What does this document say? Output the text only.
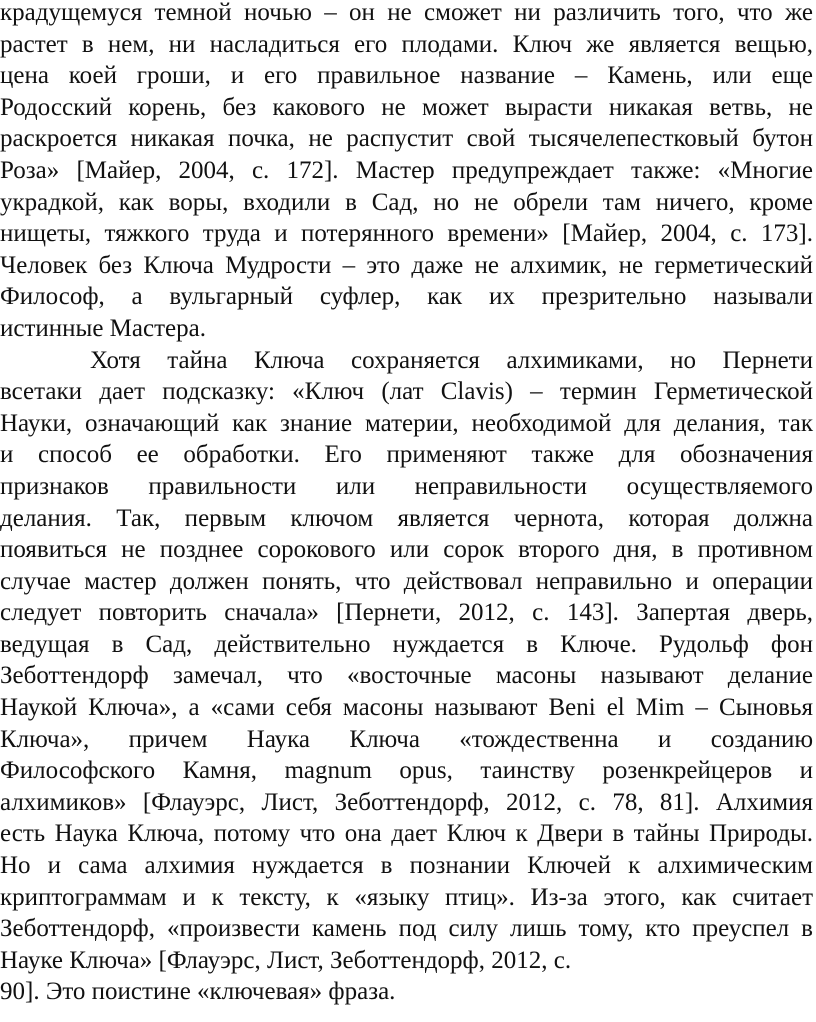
крадущемуся темной ночью – он не сможет ни различить того, что же
растет в нем, ни насладиться его плодами. Ключ же является вещью,
цена коей гроши, и его правильное название – Камень, или еще
Родосский корень, без какового не может вырасти никакая ветвь, не
раскроется никакая почка, не распустит свой тысячелепестковый бутон
Роза» [Майер, 2004, с. 172]. Мастер предупреждает также: «Многие
украдкой, как воры, входили в Сад, но не обрели там ничего, кроме
нищеты, тяжкого труда и потерянного времени» [Майер, 2004, с. 173].
Человек без Ключа Мудрости – это даже не алхимик, не герметический
Философ, а вульгарный суфлер, как их презрительно называли
истинные Мастера.
Хотя тайна Ключа сохраняется алхимиками, но Пернети
всетаки дает подсказку: «Ключ (лат Clavis) – термин Герметической
Науки, означающий как знание материи, необходимой для делания, так
и способ ее обработки. Его применяют также для обозначения
признаков правильности или неправильности осуществляемого
делания. Так, первым ключом является чернота, которая должна
появиться не позднее сорокового или сорок второго дня, в противном
случае мастер должен понять, что действовал неправильно и операции
следует повторить сначала» [Пернети, 2012, с. 143]. Запертая дверь,
ведущая в Сад, действительно нуждается в Ключе. Рудольф фон
Зеботтендорф замечал, что «восточные масоны называют делание
Наукой Ключа», а «сами себя масоны называют Beni el Mim – Сыновья
Ключа», причем Наука Ключа «тождественна и созданию
Философского Камня, magnum opus, таинству розенкрейцеров и
алхимиков» [Флауэрс, Лист, Зеботтендорф, 2012, с. 78, 81]. Алхимия
есть Наука Ключа, потому что она дает Ключ к Двери в тайны Природы.
Но и сама алхимия нуждается в познании Ключей к алхимическим
криптограммам и к тексту, к «языку птиц». Из-за этого, как считает
Зеботтендорф, «произвести камень под силу лишь тому, кто преуспел в
Науке Ключа» [Флауэрс, Лист, Зеботтендорф, 2012, с.
90]. Это поистине «ключевая» фраза.
